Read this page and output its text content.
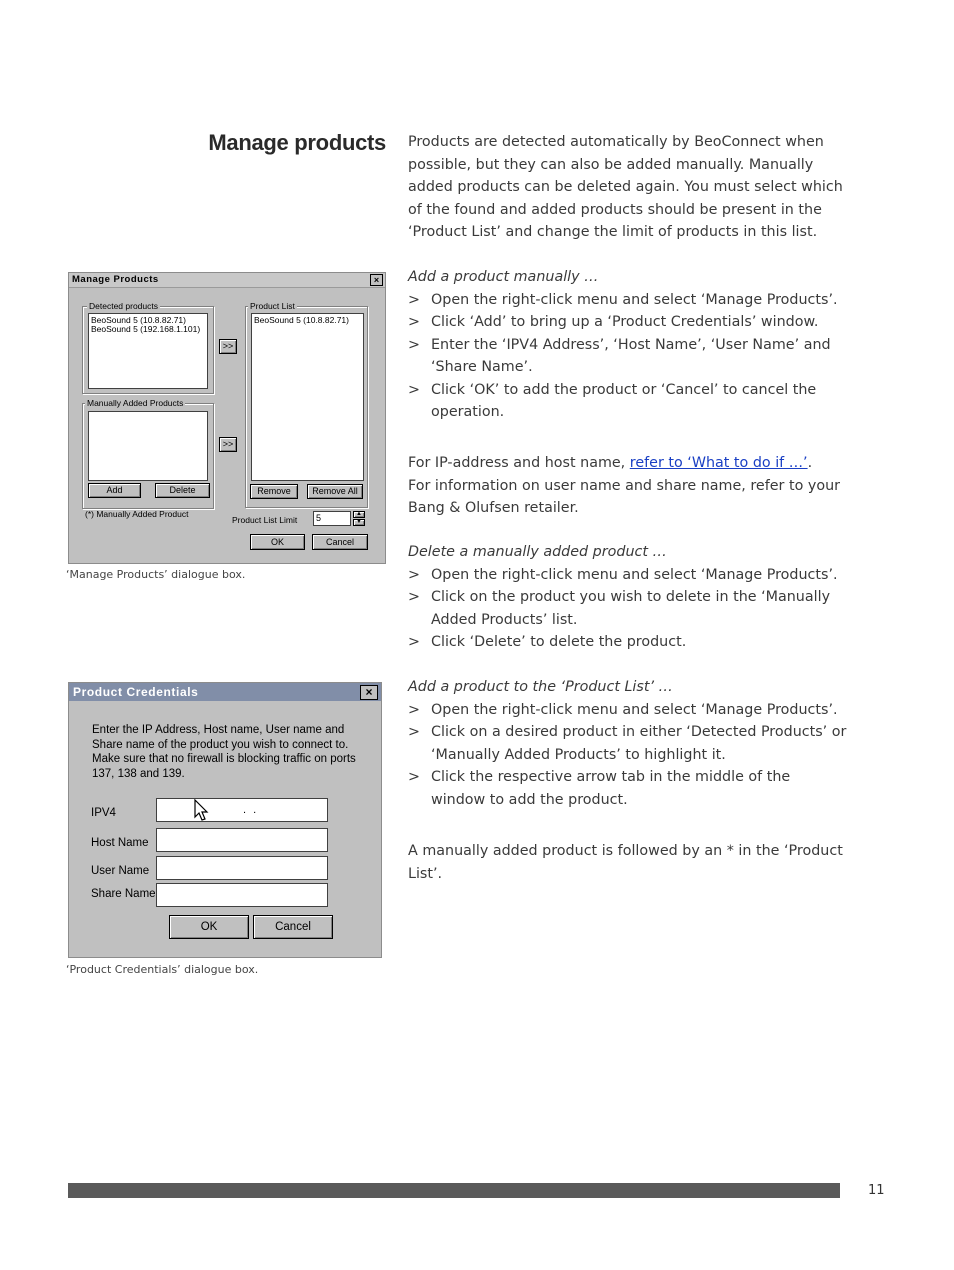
Manage products Products are detected automatically by BeoConnect when possible, but they can also be added manually. Manually added products can be deleted again. You must select which of the found and added products should be present in the ‘Product List’ and change the limit of products in this list.

Add a product manually …

> Open the right-click menu and select ‘Manage Products’.
> Click ‘Add’ to bring up a ‘Product Credentials’ window.
> Enter the ‘IPV4 Address’, ‘Host Name’, ‘User Name’ and ‘Share Name’.
> Click ‘OK’ to add the product or ‘Cancel’ to cancel the operation.

For IP-address and host name, refer to ‘What to do if …’.

For information on user name and share name, refer to your Bang & Olufsen retailer.

Delete a manually added product …

> Open the right-click menu and select ‘Manage Products’.
> Click on the product you wish to delete in the ‘Manually Added Products’ list.
> Click ‘Delete’ to delete the product.

Add a product to the ‘Product List’ …

> Open the right-click menu and select ‘Manage Products’.
> Click on a desired product in either ‘Detected Products’ or ‘Manually Added Products’ to highlight it.
> Click the respective arrow tab in the middle of the window to add the product.

A manually added product is followed by an * in the ‘Product List’.

Manage Products	×
Detected products
BeoSound 5 (10.8.82.71)
BeoSound 5 (192.168.1.101)
>>
Manually Added Products
Add	Delete
>>
Product List
BeoSound 5 (10.8.82.71)
Remove	Remove All
(*) Manually Added Product
Product List Limit	5	▲
▼
OK	Cancel
‘Manage Products’ dialogue box.
Product Credentials	×
Enter the IP Address, Host name, User name and Share name of the product you wish to connect to. Make sure that no firewall is blocking traffic on ports 137, 138 and 139.
IPV4	. .
Host Name
User Name
Share Name
OK	Cancel
‘Product Credentials’ dialogue box.
11
